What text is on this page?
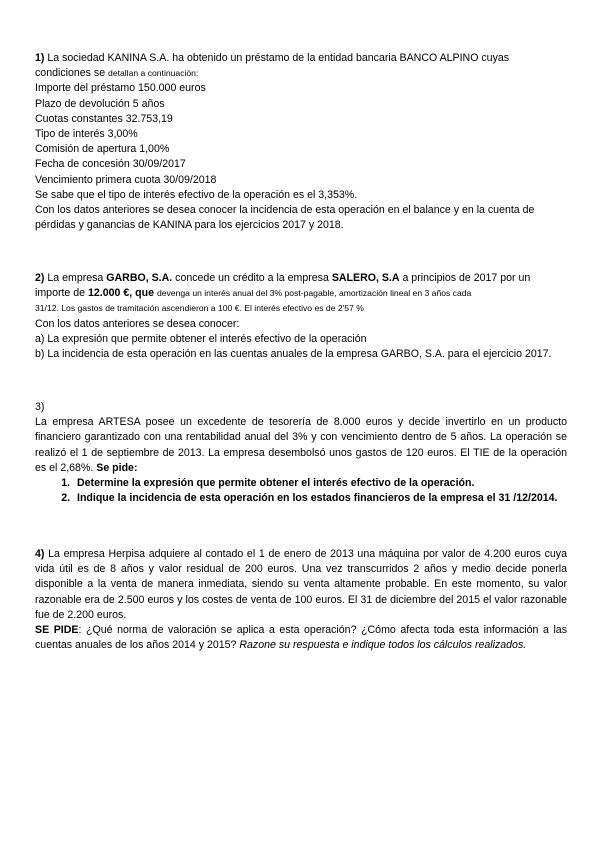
1) La sociedad KANINA S.A. ha obtenido un préstamo de la entidad bancaria BANCO ALPINO cuyas
condiciones se detallan a continuación:
Importe del préstamo 150.000 euros
Plazo de devolución 5 años
Cuotas constantes 32.753,19
Tipo de interés 3,00%
Comisión de apertura 1,00%
Fecha de concesión 30/09/2017
Vencimiento primera cuota 30/09/2018
Se sabe que el tipo de interés efectivo de la operación es el 3,353%.
Con los datos anteriores se desea conocer la incidencia de esta operación en el balance y en la cuenta de
pérdidas y ganancias de KANINA para los ejercicios 2017 y 2018.
2) La empresa GARBO, S.A. concede un crédito a la empresa SALERO, S.A a principios de 2017 por un
importe de 12.000 €, que devenga un interés anual del 3% post-pagable, amortización lineal en 3 años cada
31/12. Los gastos de tramitación ascendieron a 100 €. El interés efectivo es de 2'57 %
Con los datos anteriores se desea conocer:
a) La expresión que permite obtener el interés efectivo de la operación
b) La incidencia de esta operación en las cuentas anuales de la empresa GARBO, S.A. para el ejercicio 2017.
3)
La empresa ARTESA posee un excedente de tesorería de 8.000 euros y decide invertirlo en un producto financiero garantizado con una rentabilidad anual del 3% y con vencimiento dentro de 5 años. La operación se realizó el 1 de septiembre de 2013. La empresa desembolsó unos gastos de 120 euros. El TIE de la operación es el 2,68%. Se pide:
1. Determine la expresión que permite obtener el interés efectivo de la operación.
2. Indique la incidencia de esta operación en los estados financieros de la empresa el 31 /12/2014.
4) La empresa Herpisa adquiere al contado el 1 de enero de 2013 una máquina por valor de 4.200 euros cuya vida útil es de 8 años y valor residual de 200 euros. Una vez transcurridos 2 años y medio decide ponerla disponible a la venta de manera inmediata, siendo su venta altamente probable. En este momento, su valor razonable era de 2.500 euros y los costes de venta de 100 euros. El 31 de diciembre del 2015 el valor razonable fue de 2.200 euros.
SE PIDE: ¿Qué norma de valoración se aplica a esta operación? ¿Cómo afecta toda esta información a las cuentas anuales de los años 2014 y 2015? Razone su respuesta e indique todos los cálculos realizados.
